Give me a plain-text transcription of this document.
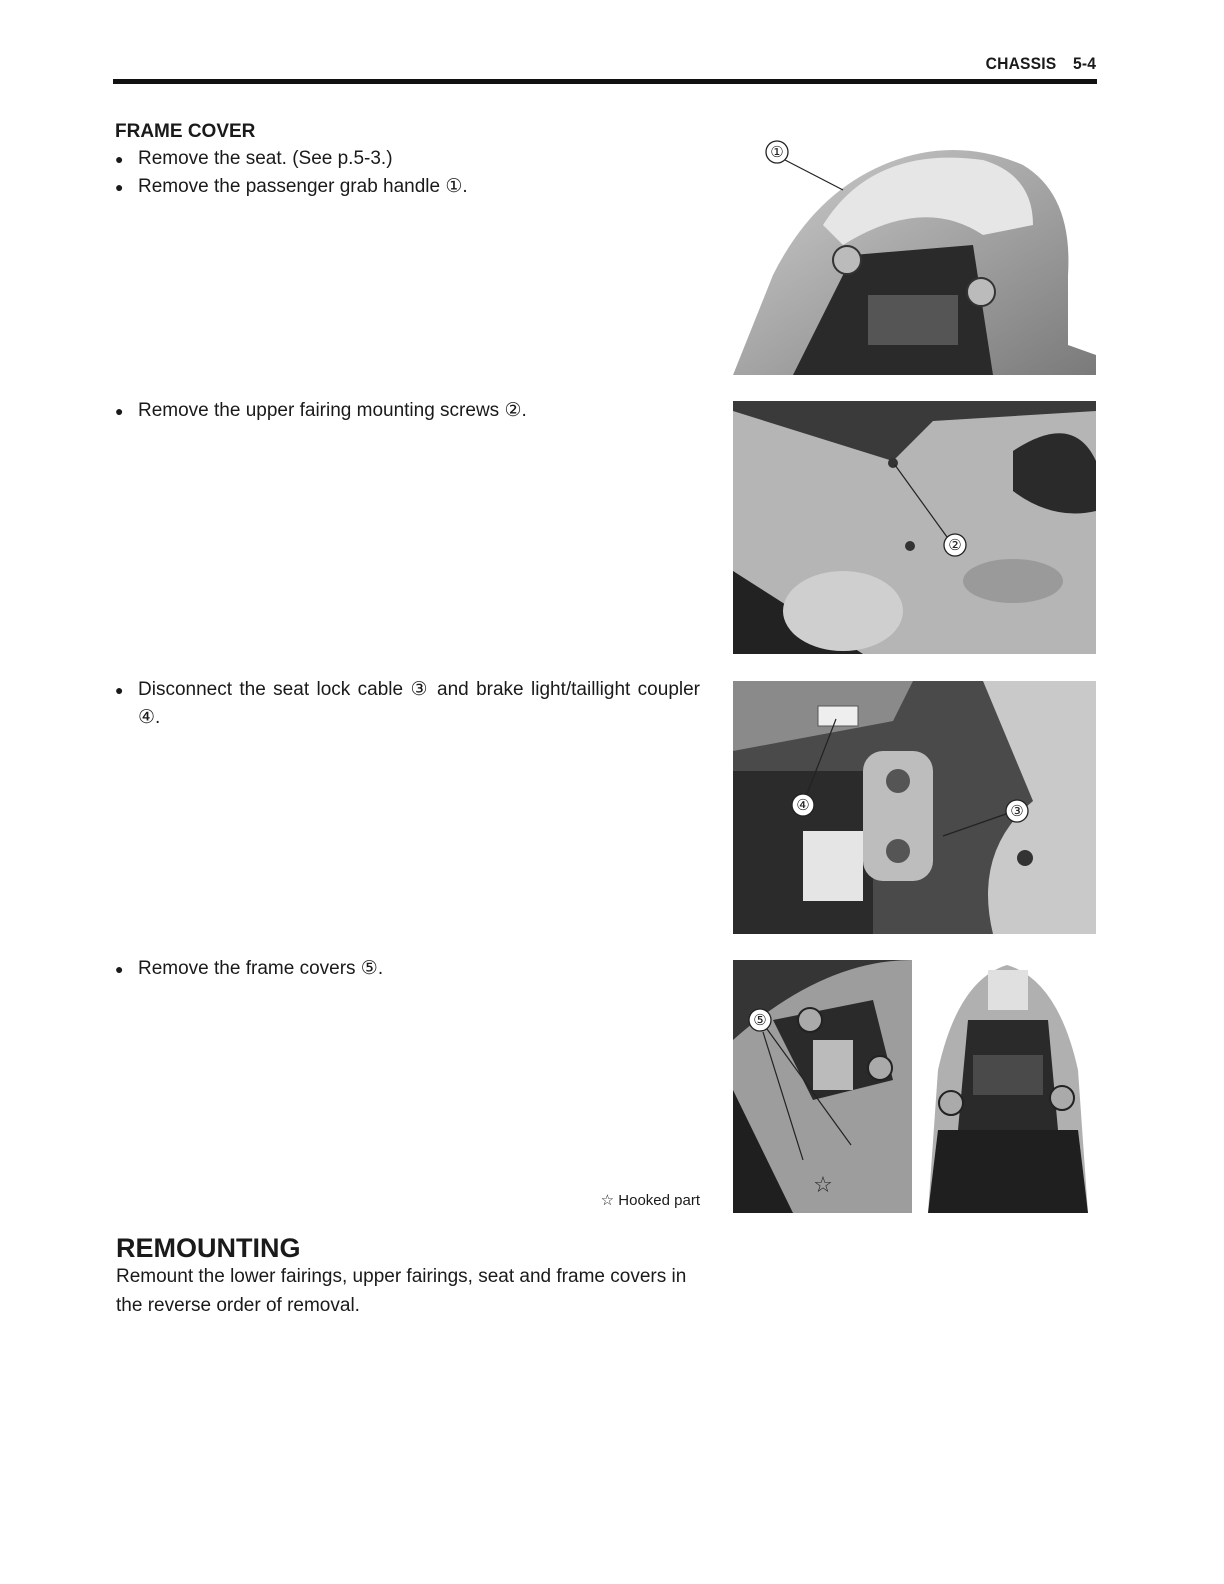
CHASSIS 5-4
FRAME COVER
● Remove the seat. (See p.5-3.)
● Remove the passenger grab handle ①.
● Remove the upper fairing mounting screws ②.
● Disconnect the seat lock cable ③ and brake light/taillight coupler ④.
● Remove the frame covers ⑤.
①
②
④	③
⑤
☆
☆ Hooked part
REMOUNTING
Remount the lower fairings, upper fairings, seat and frame covers in the reverse order of removal.
